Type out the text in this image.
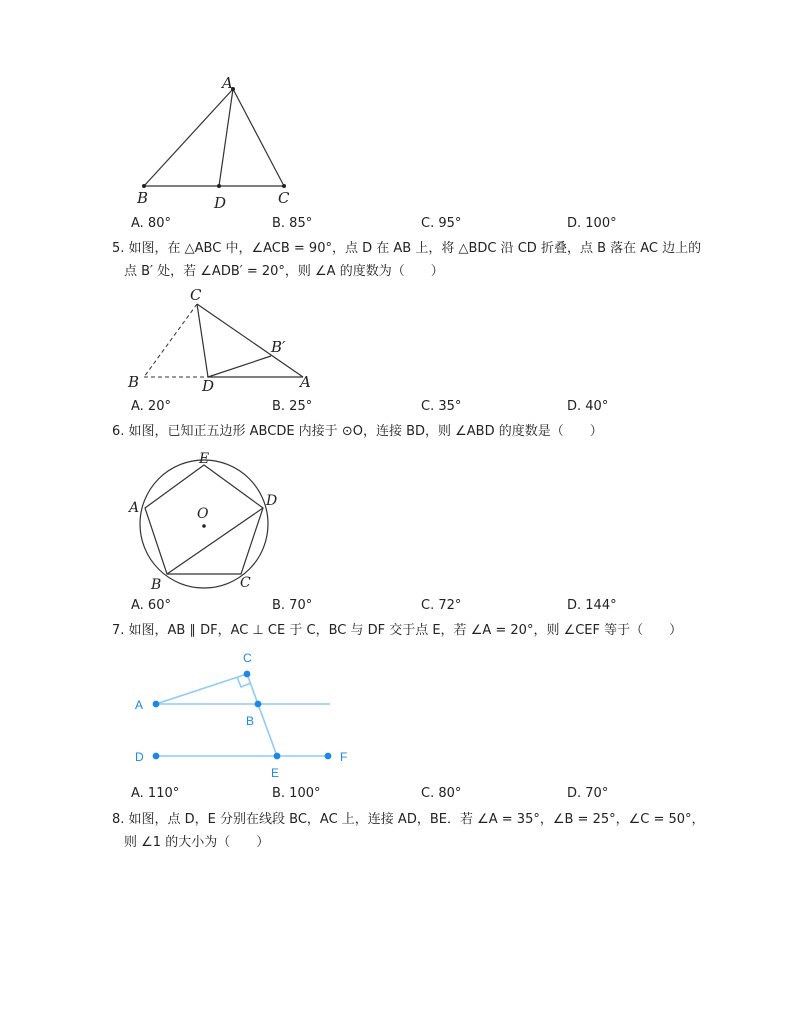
A
B	D	C
A. 80°	B. 85°	C. 95°	D. 100°
5. 如图，在 △ABC 中，∠ACB = 90°，点 D 在 AB 上，将 △BDC 沿 CD 折叠，点 B 落在 AC 边上的
点 B′ 处，若 ∠ADB′ = 20°，则 ∠A 的度数为（　　）
C
B′
B	D	A
A. 20°	B. 25°	C. 35°	D. 40°
6. 如图，已知正五边形 ABCDE 内接于 ⊙O，连接 BD，则 ∠ABD 的度数是（　　）
E
A	D
O
B	C
A. 60°	B. 70°	C. 72°	D. 144°
7. 如图，AB ∥ DF，AC ⊥ CE 于 C，BC 与 DF 交于点 E，若 ∠A = 20°，则 ∠CEF 等于（　　）
C
A
B
D	F
E
A. 110°	B. 100°	C. 80°	D. 70°
8. 如图，点 D，E 分别在线段 BC，AC 上，连接 AD，BE．若 ∠A = 35°，∠B = 25°，∠C = 50°，
则 ∠1 的大小为（　　）
